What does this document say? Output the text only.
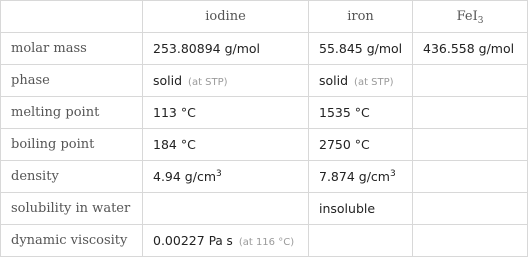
	iodine	iron	FeI$_3$
molar mass	253.80894 g/mol	55.845 g/mol	436.558 g/mol
phase	solid (at STP)	solid (at STP)	
melting point	113 °C	1535 °C	
boiling point	184 °C	2750 °C	
density	4.94 $g/cm^3$	7.874 $g/cm^3$	
solubility in water		insoluble	
dynamic viscosity	0.00227 Pa s (at 116 °C)		
